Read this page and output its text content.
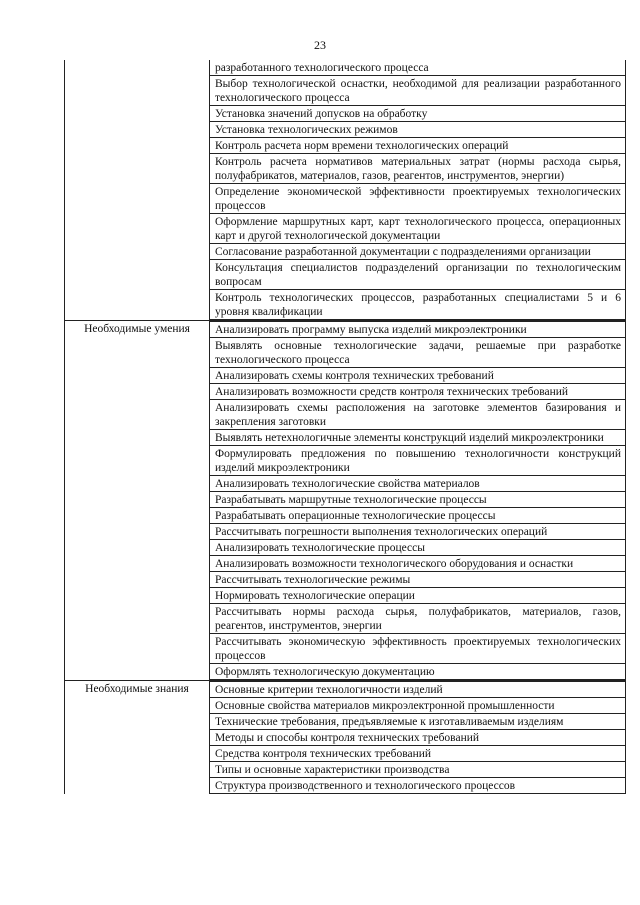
23
разработанного технологического процесса
Выбор технологической оснастки, необходимой для реализации разработанного технологического процесса
Установка значений допусков на обработку
Установка технологических режимов
Контроль расчета норм времени технологических операций
Контроль расчета нормативов материальных затрат (нормы расхода сырья, полуфабрикатов, материалов, газов, реагентов, инструментов, энергии)
Определение экономической эффективности проектируемых технологических процессов
Оформление маршрутных карт, карт технологического процесса, операционных карт и другой технологической документации
Согласование разработанной документации с подразделениями организации
Консультация специалистов подразделений организации по технологическим вопросам
Контроль технологических процессов, разработанных специалистами 5 и 6 уровня квалификации
Необходимые умения	Анализировать программу выпуска изделий микроэлектроники
Выявлять основные технологические задачи, решаемые при разработке технологического процесса
Анализировать схемы контроля технических требований
Анализировать возможности средств контроля технических требований
Анализировать схемы расположения на заготовке элементов базирования и закрепления заготовки
Выявлять нетехнологичные элементы конструкций изделий микроэлектроники
Формулировать предложения по повышению технологичности конструкций изделий микроэлектроники
Анализировать технологические свойства материалов
Разрабатывать маршрутные технологические процессы
Разрабатывать операционные технологические процессы
Рассчитывать погрешности выполнения технологических операций
Анализировать технологические процессы
Анализировать возможности технологического оборудования и оснастки
Рассчитывать технологические режимы
Нормировать технологические операции
Рассчитывать нормы расхода сырья, полуфабрикатов, материалов, газов, реагентов, инструментов, энергии
Рассчитывать экономическую эффективность проектируемых технологических процессов
Оформлять технологическую документацию
Необходимые знания	Основные критерии технологичности изделий
Основные свойства материалов микроэлектронной промышленности
Технические требования, предъявляемые к изготавливаемым изделиям
Методы и способы контроля технических требований
Средства контроля технических требований
Типы и основные характеристики производства
Структура производственного и технологического процессов
